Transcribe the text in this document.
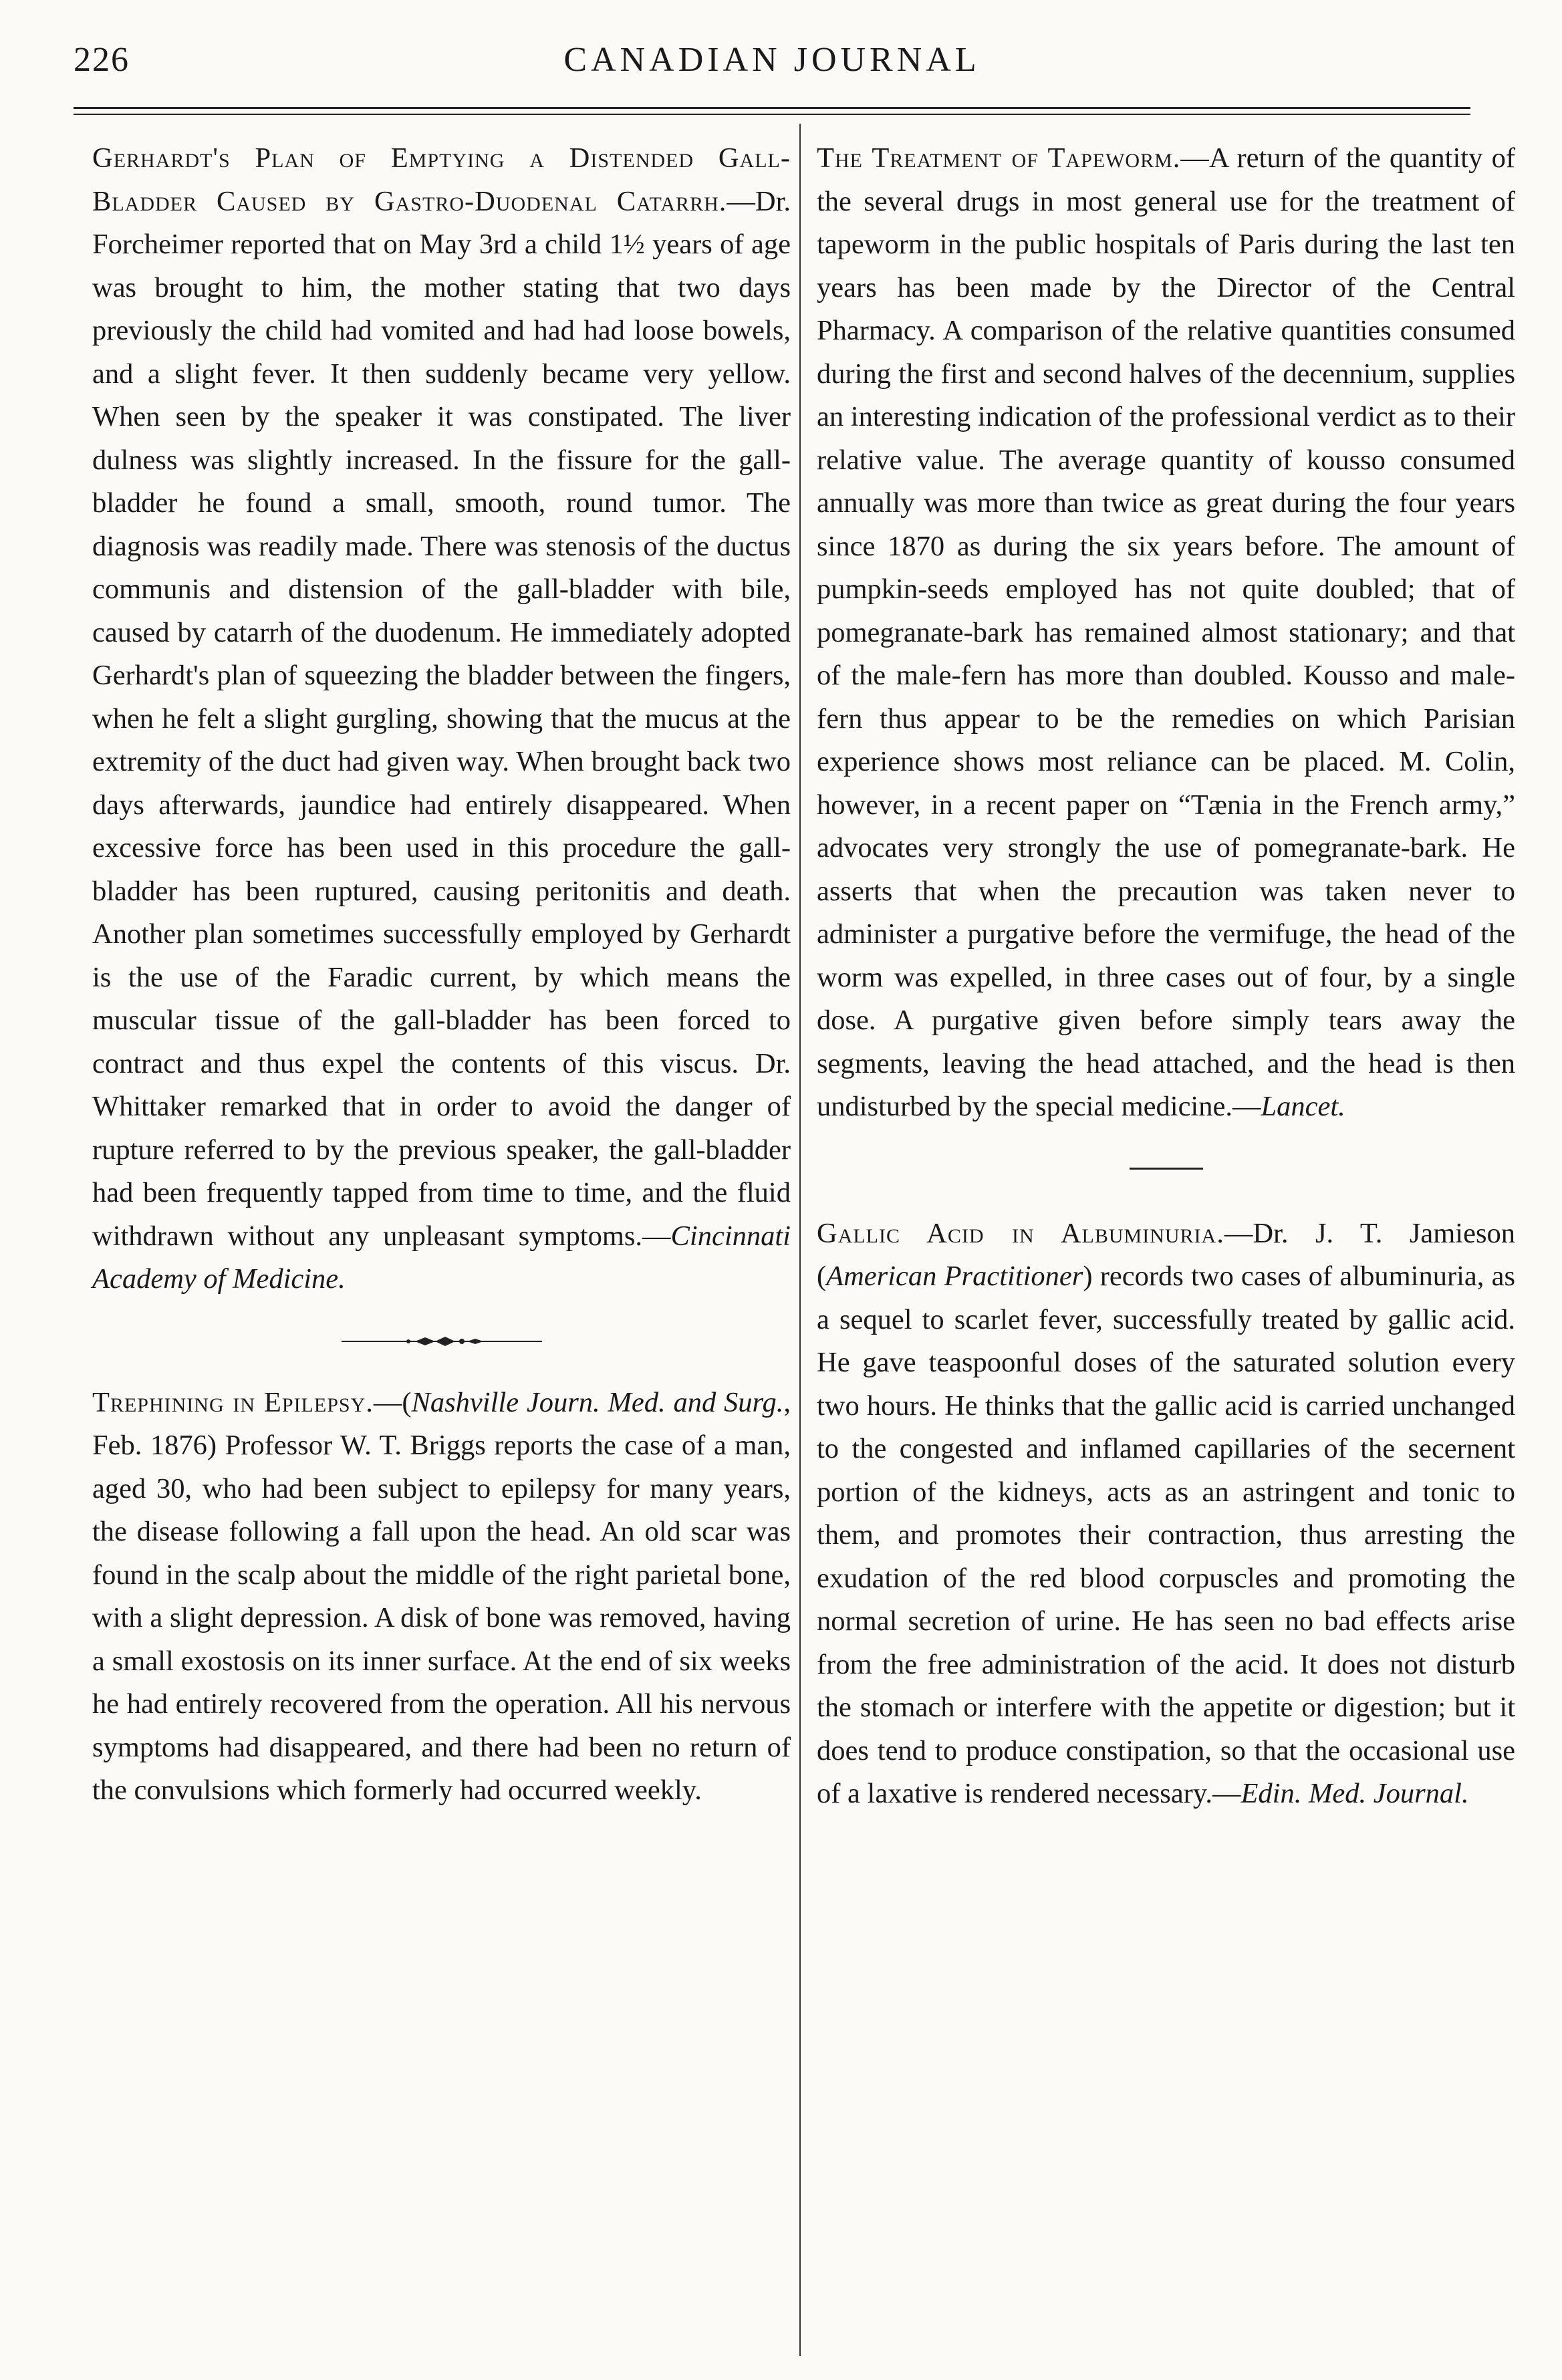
226	CANADIAN JOURNAL

Gerhardt's Plan of Emptying a Distended Gall-Bladder Caused by Gastro-Duodenal Catarrh.—Dr. Forcheimer reported that on May 3rd a child 1½ years of age was brought to him, the mother stating that two days previously the child had vomited and had had loose bowels, and a slight fever. It then suddenly became very yellow. When seen by the speaker it was constipated. The liver dulness was slightly increased. In the fissure for the gall-bladder he found a small, smooth, round tumor. The diagnosis was readily made. There was stenosis of the ductus communis and distension of the gall-bladder with bile, caused by catarrh of the duodenum. He immediately adopted Gerhardt's plan of squeezing the bladder between the fingers, when he felt a slight gurgling, showing that the mucus at the extremity of the duct had given way. When brought back two days afterwards, jaundice had entirely disappeared. When excessive force has been used in this procedure the gall-bladder has been ruptured, causing peritonitis and death. Another plan sometimes successfully employed by Gerhardt is the use of the Faradic current, by which means the muscular tissue of the gall-bladder has been forced to contract and thus expel the contents of this viscus. Dr. Whittaker remarked that in order to avoid the danger of rupture referred to by the previous speaker, the gall-bladder had been frequently tapped from time to time, and the fluid withdrawn without any unpleasant symptoms.—Cincinnati Academy of Medicine.

Trephining in Epilepsy.—(Nashville Journ. Med. and Surg., Feb. 1876) Professor W. T. Briggs reports the case of a man, aged 30, who had been subject to epilepsy for many years, the disease following a fall upon the head. An old scar was found in the scalp about the middle of the right parietal bone, with a slight depression. A disk of bone was removed, having a small exostosis on its inner surface. At the end of six weeks he had entirely recovered from the operation. All his nervous symptoms had disappeared, and there had been no return of the convulsions which formerly had occurred weekly.

The Treatment of Tapeworm.—A return of the quantity of the several drugs in most general use for the treatment of tapeworm in the public hospitals of Paris during the last ten years has been made by the Director of the Central Pharmacy. A comparison of the relative quantities consumed during the first and second halves of the decennium, supplies an interesting indication of the professional verdict as to their relative value. The average quantity of kousso consumed annually was more than twice as great during the four years since 1870 as during the six years before. The amount of pumpkin-seeds employed has not quite doubled; that of pomegranate-bark has remained almost stationary; and that of the male-fern has more than doubled. Kousso and male-fern thus appear to be the remedies on which Parisian experience shows most reliance can be placed. M. Colin, however, in a recent paper on “Tænia in the French army,” advocates very strongly the use of pomegranate-bark. He asserts that when the precaution was taken never to administer a purgative before the vermifuge, the head of the worm was expelled, in three cases out of four, by a single dose. A purgative given before simply tears away the segments, leaving the head attached, and the head is then undisturbed by the special medicine.—Lancet.

Gallic Acid in Albuminuria.—Dr. J. T. Jamieson (American Practitioner) records two cases of albuminuria, as a sequel to scarlet fever, successfully treated by gallic acid. He gave teaspoonful doses of the saturated solution every two hours. He thinks that the gallic acid is carried unchanged to the congested and inflamed capillaries of the secernent portion of the kidneys, acts as an astringent and tonic to them, and promotes their contraction, thus arresting the exudation of the red blood corpuscles and promoting the normal secretion of urine. He has seen no bad effects arise from the free administration of the acid. It does not disturb the stomach or interfere with the appetite or digestion; but it does tend to produce constipation, so that the occasional use of a laxative is rendered necessary.—Edin. Med. Journal.
